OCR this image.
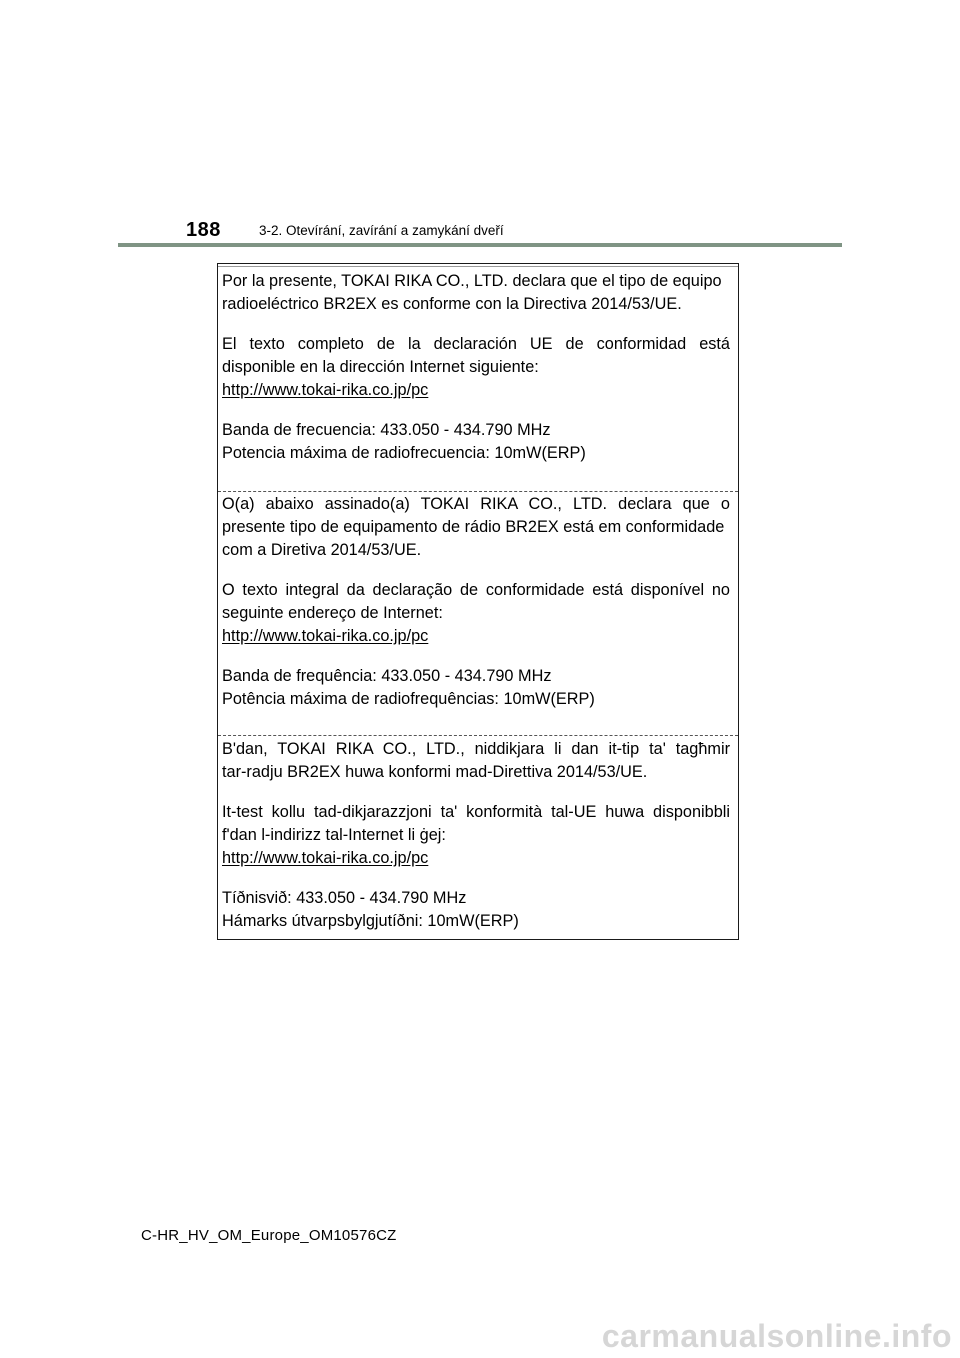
188	3-2. Otevírání, zavírání a zamykání dveří
Por la presente, TOKAI RIKA CO., LTD. declara que el tipo de equipo
radioeléctrico BR2EX es conforme con la Directiva 2014/53/UE.
El texto completo de la declaración UE de conformidad está
disponible en la dirección Internet siguiente:
http://www.tokai-rika.co.jp/pc
Banda de frecuencia: 433.050 - 434.790 MHz
Potencia máxima de radiofrecuencia: 10mW(ERP)
O(a) abaixo assinado(a) TOKAI RIKA CO., LTD. declara que o
presente tipo de equipamento de rádio BR2EX está em conformidade
com a Diretiva 2014/53/UE.
O texto integral da declaração de conformidade está disponível no
seguinte endereço de Internet:
http://www.tokai-rika.co.jp/pc
Banda de frequência: 433.050 - 434.790 MHz
Potência máxima de radiofrequências: 10mW(ERP)
B'dan, TOKAI RIKA CO., LTD., niddikjara li dan it-tip ta' tagħmir
tar-radju BR2EX huwa konformi mad-Direttiva 2014/53/UE.
It-test kollu tad-dikjarazzjoni ta' konformità tal-UE huwa disponibbli
f'dan l-indirizz tal-Internet li ġej:
http://www.tokai-rika.co.jp/pc
Tíðnisvið: 433.050 - 434.790 MHz
Hámarks útvarpsbylgjutíðni: 10mW(ERP)
C-HR_HV_OM_Europe_OM10576CZ
carmanualsonline.info
